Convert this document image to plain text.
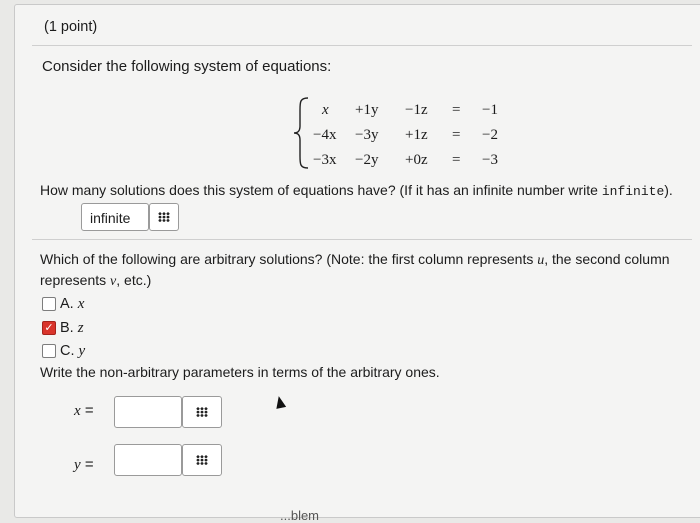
(1 point)
Consider the following system of equations:
x +1y −1z = −1
−4x −3y +1z = −2
−3x −2y +0z = −3
How many solutions does this system of equations have? (If it has an infinite number write infinite).
infinite
Which of the following are arbitrary solutions? (Note: the first column represents u, the second column
represents v, etc.)
A. x
✓ B. z
C. y
Write the non-arbitrary parameters in terms of the arbitrary ones.
x =
y =
...blem
